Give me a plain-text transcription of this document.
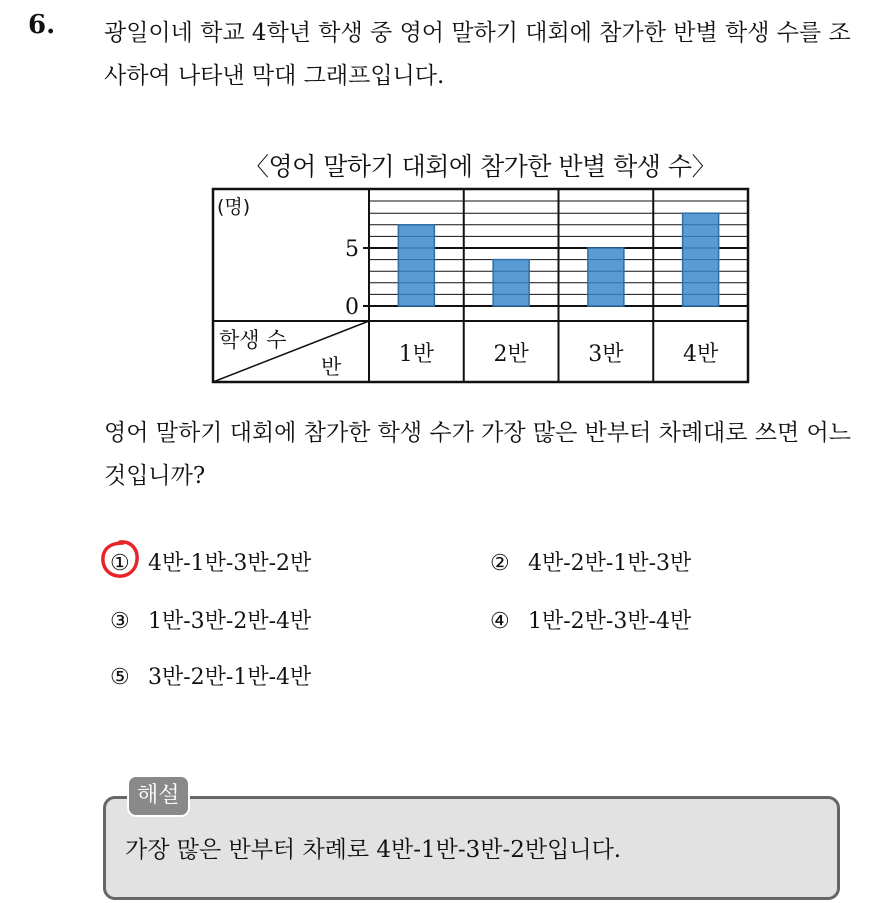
6. 광일이네 학교 4학년 학생 중 영어 말하기 대회에 참가한 반별 학생 수를 조사하여 나타낸 막대 그래프입니다.

〈영어 말하기 대회에 참가한 반별 학생 수〉
0
5
(명)
학생 수
반	1반	2반	3반	4반

영어 말하기 대회에 참가한 학생 수가 가장 많은 반부터 차례대로 쓰면 어느 것입니까?

① 4반-1반-3반-2반	② 4반-2반-1반-3반
③ 1반-3반-2반-4반	④ 1반-2반-3반-4반
⑤ 3반-2반-1반-4반
해설
가장 많은 반부터 차례로 4반-1반-3반-2반입니다.
